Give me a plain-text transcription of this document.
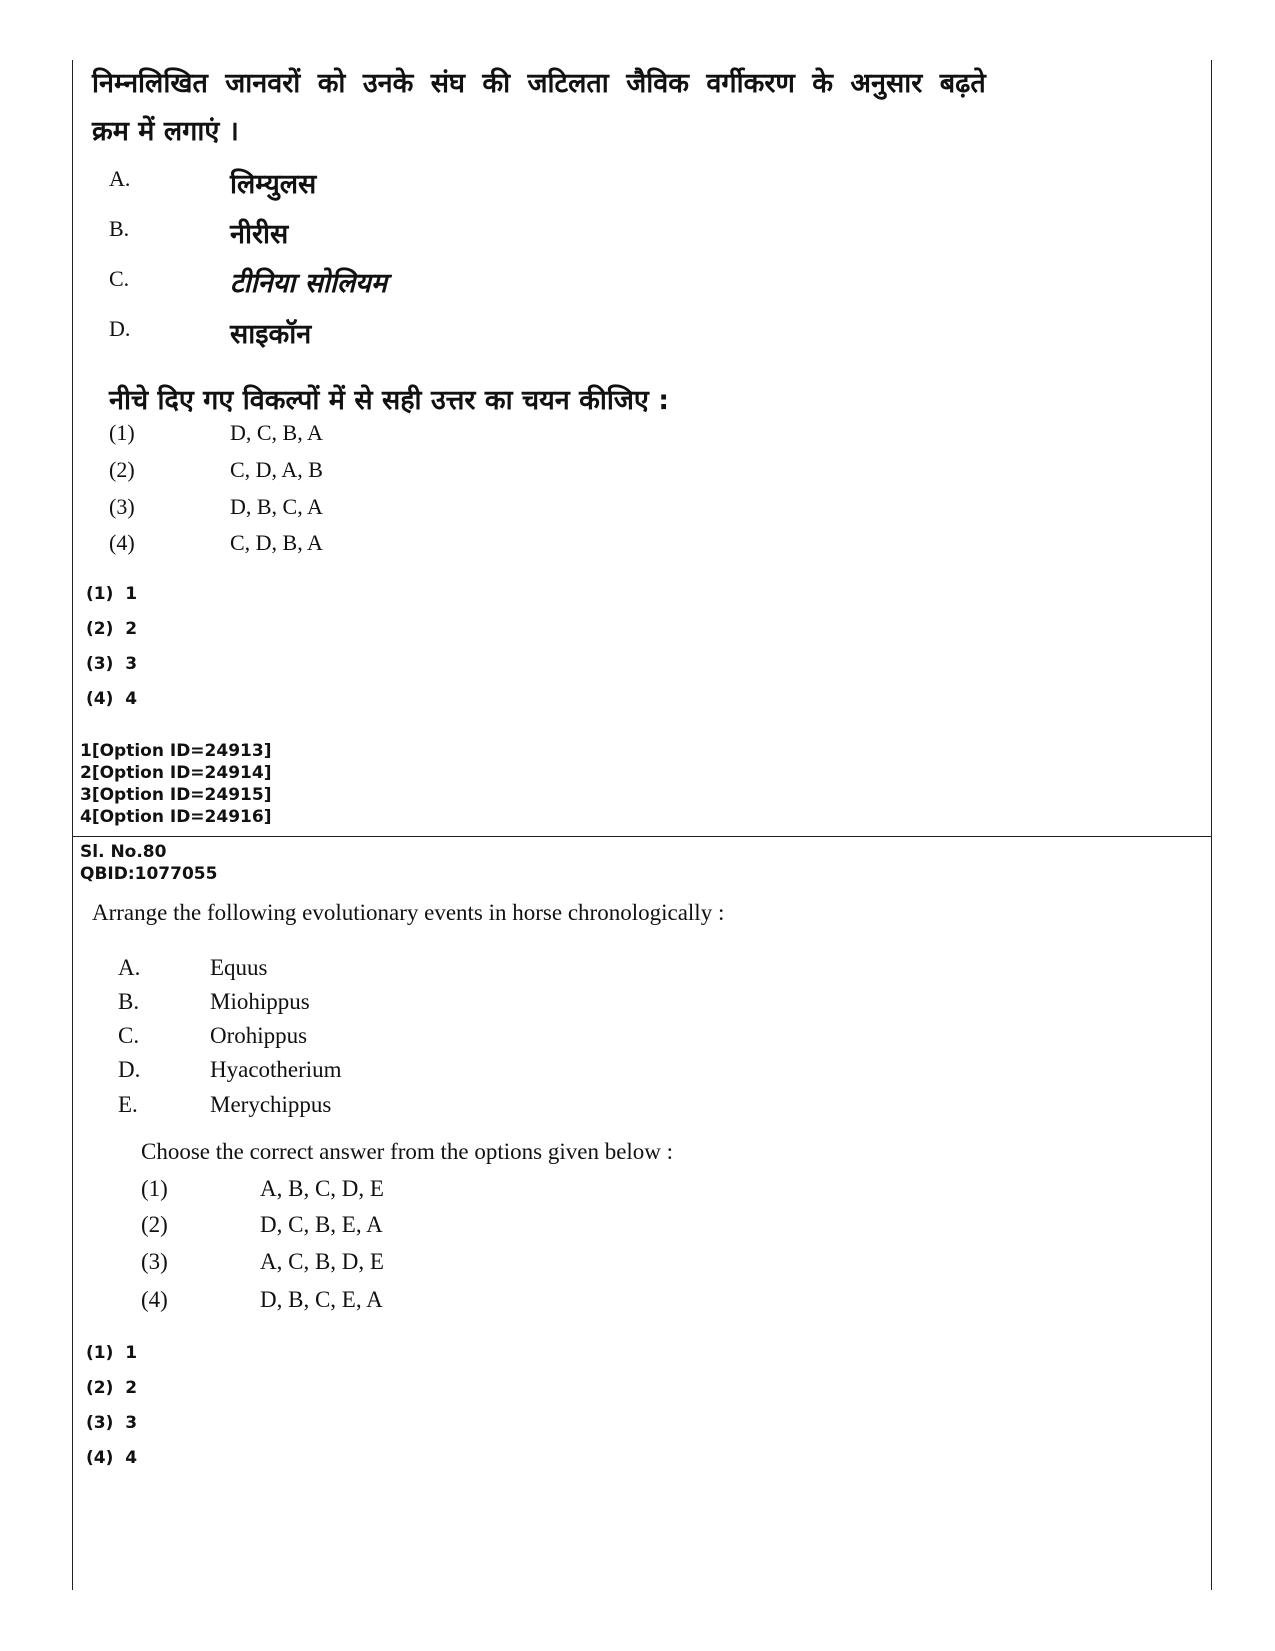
निम्नलिखित जानवरों को उनके संघ की जटिलता जैविक वर्गीकरण के अनुसार बढ़ते
क्रम में लगाएं ।
A.	लिम्युलस
B.	नीरीस
C.	टीनिया सोलियम
D.	साइकॉन
नीचे दिए गए विकल्पों में से सही उत्तर का चयन कीजिए :
(1)	D, C, B, A
(2)	C, D, A, B
(3)	D, B, C, A
(4)	C, D, B, A
(1)  1
(2)  2
(3)  3
(4)  4
1[Option ID=24913]
2[Option ID=24914]
3[Option ID=24915]
4[Option ID=24916]
Sl. No.80
QBID:1077055
Arrange the following evolutionary events in horse chronologically :
A.	Equus
B.	Miohippus
C.	Orohippus
D.	Hyacotherium
E.	Merychippus
Choose the correct answer from the options given below :
(1)	A, B, C, D, E
(2)	D, C, B, E, A
(3)	A, C, B, D, E
(4)	D, B, C, E, A
(1)  1
(2)  2
(3)  3
(4)  4
